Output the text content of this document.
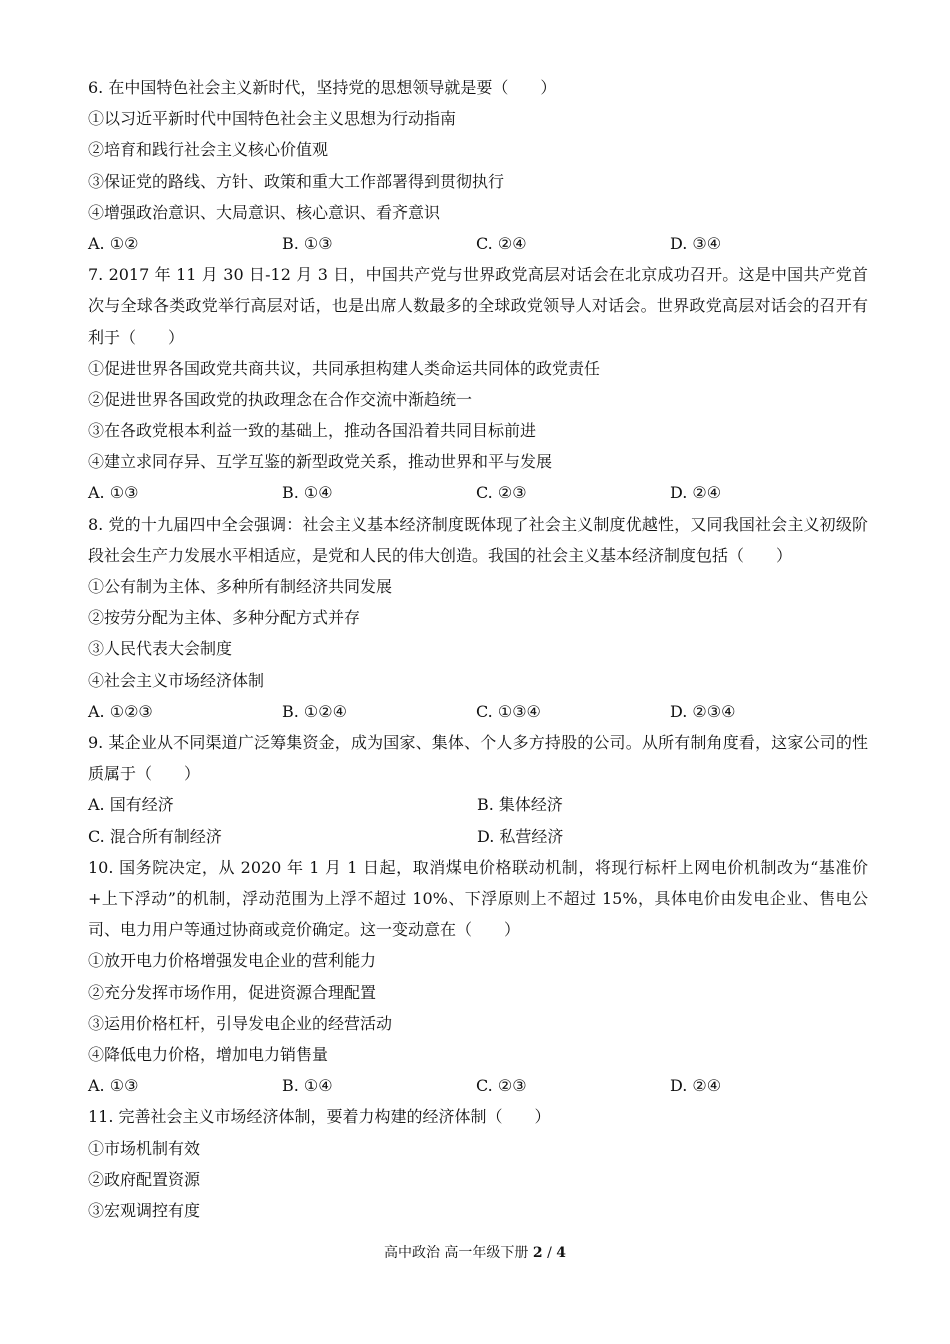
6. 在中国特色社会主义新时代，坚持党的思想领导就是要（　　）
①以习近平新时代中国特色社会主义思想为行动指南
②培育和践行社会主义核心价值观
③保证党的路线、方针、政策和重大工作部署得到贯彻执行
④增强政治意识、大局意识、核心意识、看齐意识
A. ①②	B. ①③	C. ②④	D. ③④
7. 2017 年 11 月 30 日-12 月 3 日，中国共产党与世界政党高层对话会在北京成功召开。这是中国共产党首次与全球各类政党举行高层对话，也是出席人数最多的全球政党领导人对话会。世界政党高层对话会的召开有利于（　　）
①促进世界各国政党共商共议，共同承担构建人类命运共同体的政党责任
②促进世界各国政党的执政理念在合作交流中渐趋统一
③在各政党根本利益一致的基础上，推动各国沿着共同目标前进
④建立求同存异、互学互鉴的新型政党关系，推动世界和平与发展
A. ①③	B. ①④	C. ②③	D. ②④
8. 党的十九届四中全会强调：社会主义基本经济制度既体现了社会主义制度优越性，又同我国社会主义初级阶段社会生产力发展水平相适应，是党和人民的伟大创造。我国的社会主义基本经济制度包括（　　）
①公有制为主体、多种所有制经济共同发展
②按劳分配为主体、多种分配方式并存
③人民代表大会制度
④社会主义市场经济体制
A. ①②③	B. ①②④	C. ①③④	D. ②③④
9. 某企业从不同渠道广泛筹集资金，成为国家、集体、个人多方持股的公司。从所有制角度看，这家公司的性质属于（　　）
A. 国有经济	B. 集体经济
C. 混合所有制经济	D. 私营经济
10. 国务院决定，从 2020 年 1 月 1 日起，取消煤电价格联动机制，将现行标杆上网电价机制改为“基准价+上下浮动”的机制，浮动范围为上浮不超过 10%、下浮原则上不超过 15%，具体电价由发电企业、售电公司、电力用户等通过协商或竞价确定。这一变动意在（　　）
①放开电力价格增强发电企业的营利能力
②充分发挥市场作用，促进资源合理配置
③运用价格杠杆，引导发电企业的经营活动
④降低电力价格，增加电力销售量
A. ①③	B. ①④	C. ②③	D. ②④
11. 完善社会主义市场经济体制，要着力构建的经济体制（　　）
①市场机制有效
②政府配置资源
③宏观调控有度
高中政治 高一年级下册 2 / 4
